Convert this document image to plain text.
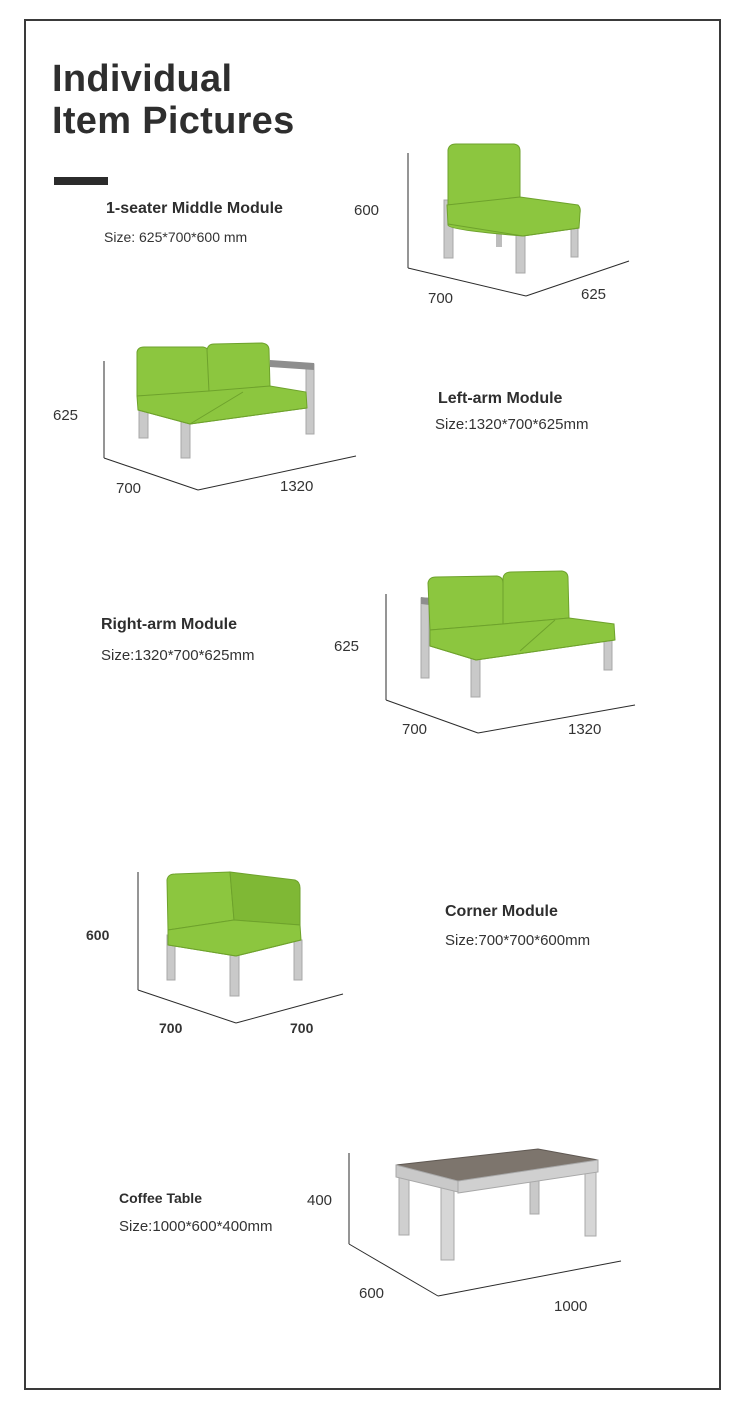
Individual
Item Pictures
1-seater Middle Module
Size: 625*700*600 mm
600
700	625
Left-arm Module
Size:1320*700*625mm
625
700	1320
Right-arm Module
Size:1320*700*625mm
625
700	1320
Corner Module
Size:700*700*600mm
600
700	700
Coffee Table
Size:1000*600*400mm
400
600
1000
